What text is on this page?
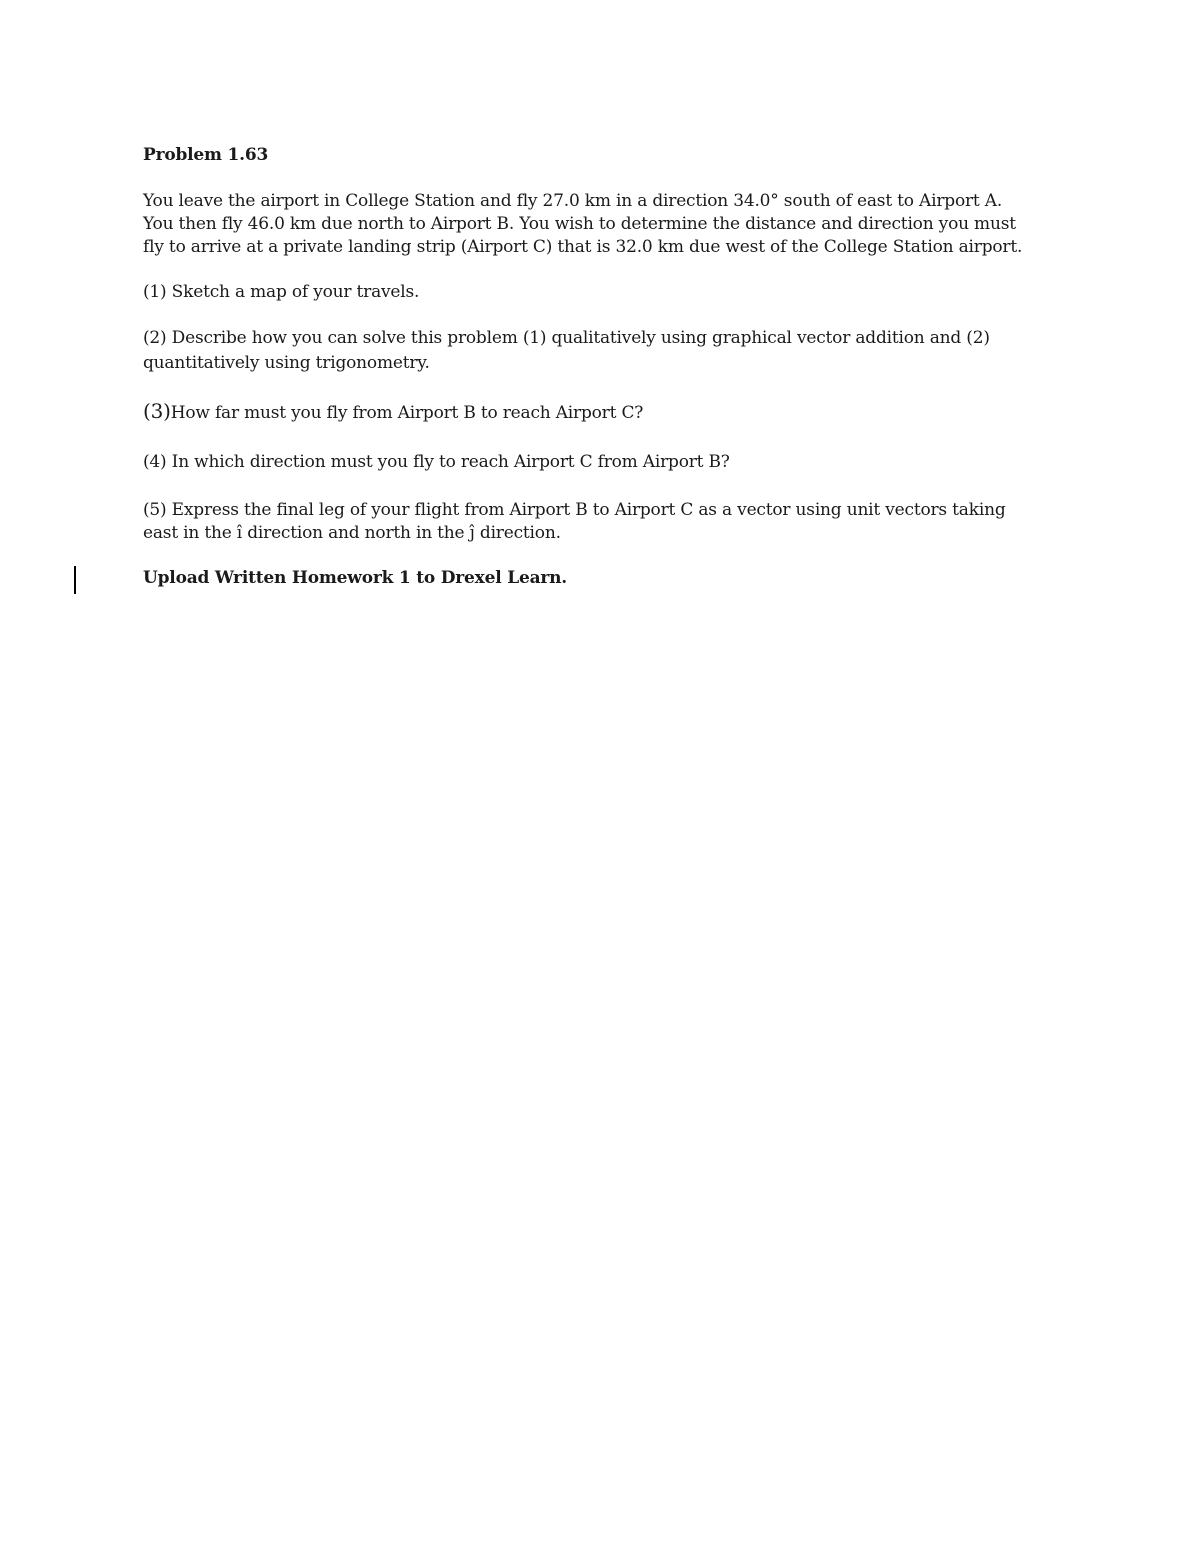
Problem 1.63
You leave the airport in College Station and fly 27.0 km in a direction 34.0° south of east to Airport A.
You then fly 46.0 km due north to Airport B. You wish to determine the distance and direction you must
fly to arrive at a private landing strip (Airport C) that is 32.0 km due west of the College Station airport.
(1) Sketch a map of your travels.
(2) Describe how you can solve this problem (1) qualitatively using graphical vector addition and (2)
quantitatively using trigonometry.
(3)How far must you fly from Airport B to reach Airport C?
(4) In which direction must you fly to reach Airport C from Airport B?
(5) Express the final leg of your flight from Airport B to Airport C as a vector using unit vectors taking
east in the î direction and north in the ĵ direction.
Upload Written Homework 1 to Drexel Learn.
